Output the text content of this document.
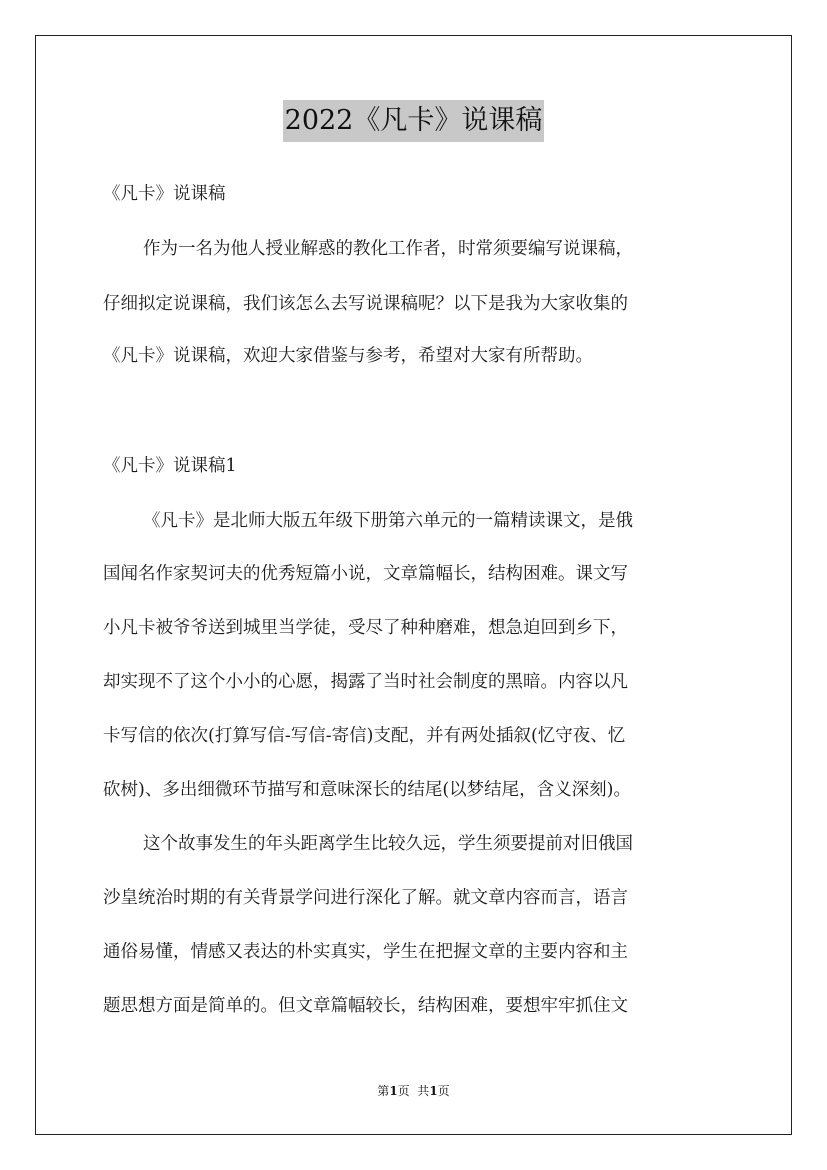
2022《凡卡》说课稿
《凡卡》说课稿
作为一名为他人授业解惑的教化工作者，时常须要编写说课稿，
仔细拟定说课稿，我们该怎么去写说课稿呢？以下是我为大家收集的
《凡卡》说课稿，欢迎大家借鉴与参考，希望对大家有所帮助。
《凡卡》说课稿1
《凡卡》是北师大版五年级下册第六单元的一篇精读课文，是俄
国闻名作家契诃夫的优秀短篇小说，文章篇幅长，结构困难。课文写
小凡卡被爷爷送到城里当学徒，受尽了种种磨难，想急迫回到乡下，
却实现不了这个小小的心愿，揭露了当时社会制度的黑暗。内容以凡
卡写信的依次(打算写信-写信-寄信)支配，并有两处插叙(忆守夜、忆
砍树)、多出细微环节描写和意味深长的结尾(以梦结尾，含义深刻)。
这个故事发生的年头距离学生比较久远，学生须要提前对旧俄国
沙皇统治时期的有关背景学问进行深化了解。就文章内容而言，语言
通俗易懂，情感又表达的朴实真实，学生在把握文章的主要内容和主
题思想方面是简单的。但文章篇幅较长，结构困难，要想牢牢抓住文
第1页  共1页
